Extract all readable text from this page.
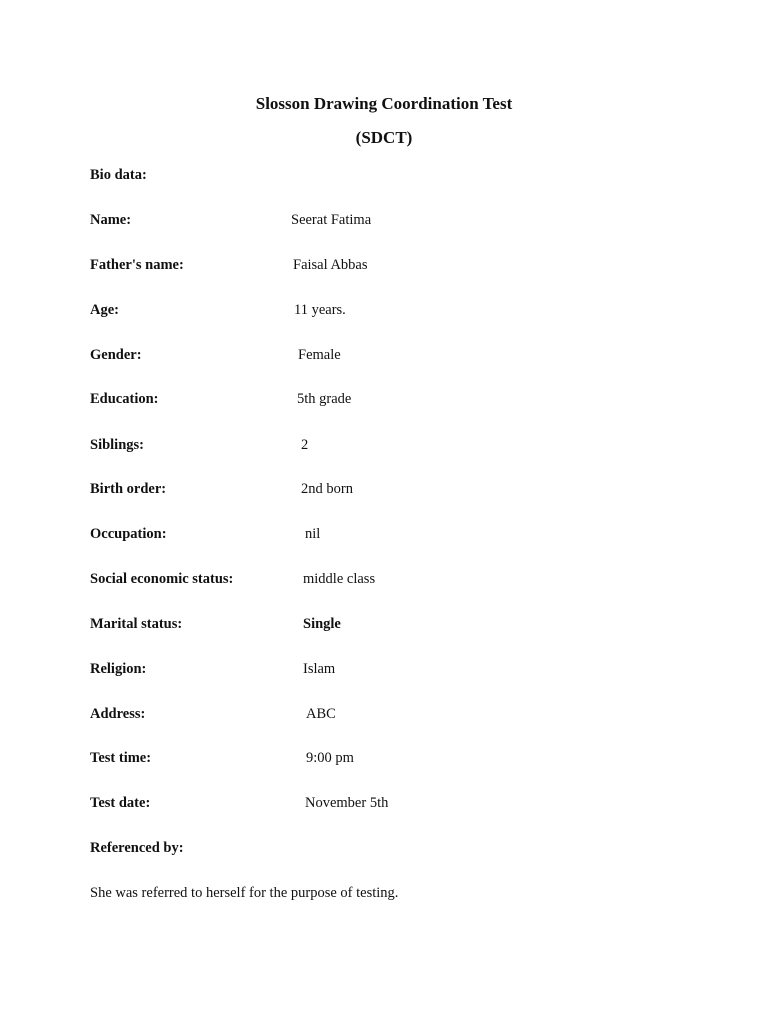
Slosson Drawing Coordination Test
(SDCT)
Bio data:
Name:	Seerat Fatima
Father's name:	Faisal Abbas
Age:	11 years.
Gender:	Female
Education:	5th grade
Siblings:	2
Birth order:	2nd born
Occupation:	nil
Social economic status:	middle class
Marital status:	Single
Religion:	Islam
Address:	ABC
Test time:	9:00 pm
Test date:	November 5th
Referenced by:
She was referred to herself for the purpose of testing.
